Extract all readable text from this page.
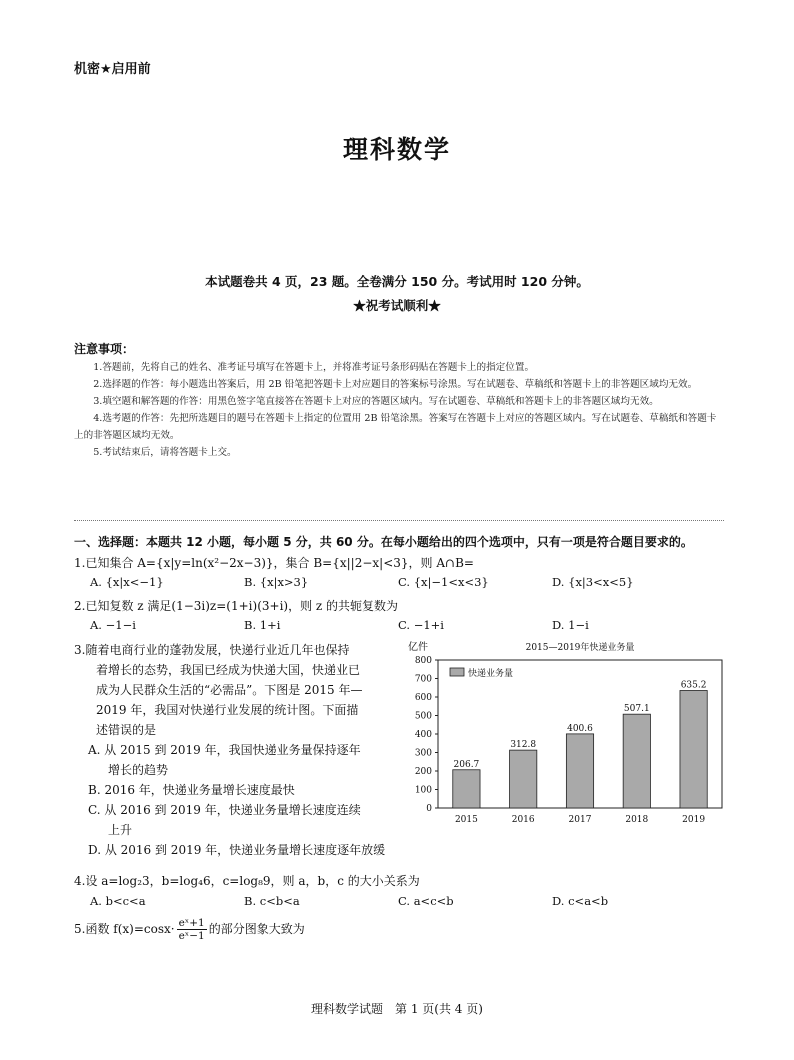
机密★启用前
理科数学
本试题卷共 4 页，23 题。全卷满分 150 分。考试用时 120 分钟。
★祝考试顺利★
注意事项：

1.答题前，先将自己的姓名、准考证号填写在答题卡上，并将准考证号条形码贴在答题卡上的指定位置。

2.选择题的作答：每小题选出答案后，用 2B 铅笔把答题卡上对应题目的答案标号涂黑。写在试题卷、草稿纸和答题卡上的非答题区域均无效。

3.填空题和解答题的作答：用黑色签字笔直接答在答题卡上对应的答题区域内。写在试题卷、草稿纸和答题卡上的非答题区域均无效。

4.选考题的作答：先把所选题目的题号在答题卡上指定的位置用 2B 铅笔涂黑。答案写在答题卡上对应的答题区域内。写在试题卷、草稿纸和答题卡上的非答题区域均无效。

5.考试结束后，请将答题卡上交。

一、选择题：本题共 12 小题，每小题 5 分，共 60 分。在每小题给出的四个选项中，只有一项是符合题目要求的。
1.已知集合 A={x|y=ln(x²−2x−3)}，集合 B={x||2−x|<3}，则 A∩B=
A. {x|x<−1}	B. {x|x>3}	C. {x|−1<x<3}	D. {x|3<x<5}
2.已知复数 z 满足(1−3i)z=(1+i)(3+i)，则 z 的共轭复数为
A. −1−i	B. 1+i	C. −1+i	D. 1−i
3.随着电商行业的蓬勃发展，快递行业近几年也保持
着增长的态势，我国已经成为快递大国，快递业已
成为人民群众生活的“必需品”。下图是 2015 年—
2019 年，我国对快递行业发展的统计图。下面描
述错误的是
A. 从 2015 到 2019 年，我国快递业务量保持逐年
增长的趋势
B. 2016 年，快递业务量增长速度最快
C. 从 2016 到 2019 年，快递业务量增长速度连续
上升
D. 从 2016 到 2019 年，快递业务量增长速度逐年放缓
亿件	2015—2019年快递业务量
0
100
200
300
400
500
600
700
800
206.7
2015
312.8
2016
400.6
2017
507.1
2018
635.2
2019
快递业务量
4.设 a=log₂3，b=log₄6，c=log₈9，则 a，b，c 的大小关系为
A. b<c<a	B. c<b<a	C. a<c<b	D. c<a<b
5.函数 $f(x)=\cos x\cdot \frac{\text{eˣ+1}}{\text{eˣ−1}}$ 的部分图象大致为
理科数学试题　第 1 页(共 4 页)
